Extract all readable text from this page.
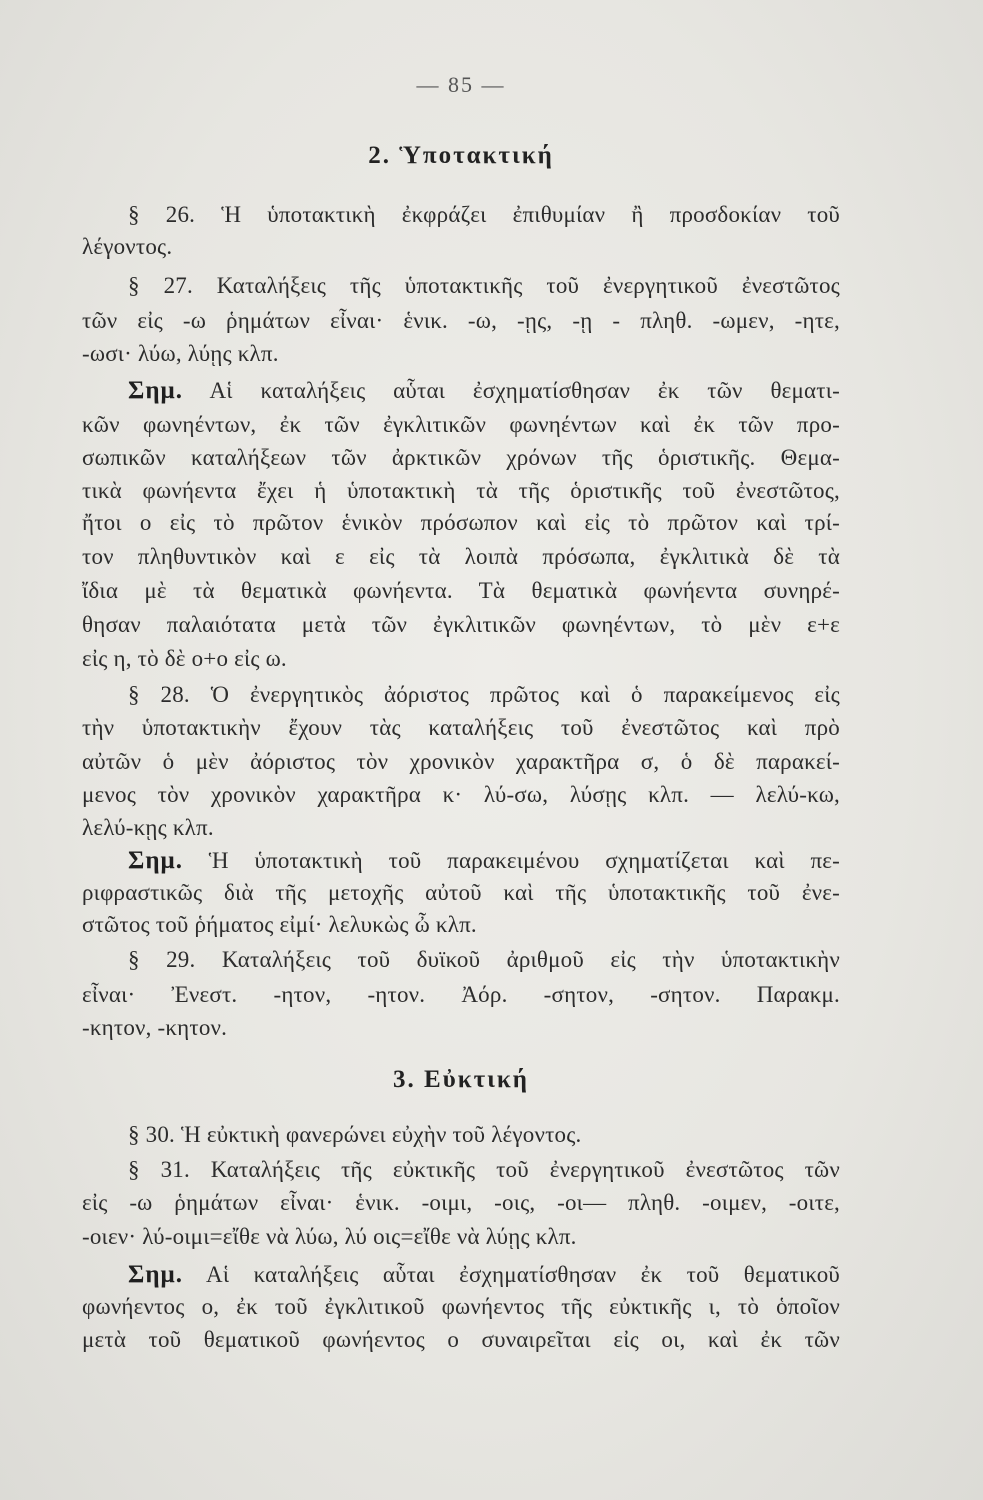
— 85 —
2. Ὑποτακτική
§ 26. Ἡ ὑποτακτικὴ ἐκφράζει ἐπιθυμίαν ἢ προσδοκίαν τοῦ
λέγοντος.
§ 27. Καταλήξεις τῆς ὑποτακτικῆς τοῦ ἐνεργητικοῦ ἐνεστῶτος
τῶν εἰς -ω ῥημάτων εἶναι· ἑνικ. -ω, -ῃς, -ῃ - πληθ. -ωμεν, -ητε,
-ωσι· λύω, λύῃς κλπ.
Σημ. Αἱ καταλήξεις αὗται ἐσχηματίσθησαν ἐκ τῶν θεματι-
κῶν φωνηέντων, ἐκ τῶν ἐγκλιτικῶν φωνηέντων καὶ ἐκ τῶν προ-
σωπικῶν καταλήξεων τῶν ἀρκτικῶν χρόνων τῆς ὁριστικῆς. Θεμα-
τικὰ φωνήεντα ἔχει ἡ ὑποτακτικὴ τὰ τῆς ὁριστικῆς τοῦ ἐνεστῶτος,
ἤτοι ο εἰς τὸ πρῶτον ἑνικὸν πρόσωπον καὶ εἰς τὸ πρῶτον καὶ τρί-
τον πληθυντικὸν καὶ ε εἰς τὰ λοιπὰ πρόσωπα, ἐγκλιτικὰ δὲ τὰ
ἴδια μὲ τὰ θεματικὰ φωνήεντα. Τὰ θεματικὰ φωνήεντα συνηρέ-
θησαν παλαιότατα μετὰ τῶν ἐγκλιτικῶν φωνηέντων, τὸ μὲν ε+ε
εἰς η, τὸ δὲ ο+ο εἰς ω.
§ 28. Ὁ ἐνεργητικὸς ἀόριστος πρῶτος καὶ ὁ παρακείμενος εἰς
τὴν ὑποτακτικὴν ἔχουν τὰς καταλήξεις τοῦ ἐνεστῶτος καὶ πρὸ
αὐτῶν ὁ μὲν ἀόριστος τὸν χρονικὸν χαρακτῆρα σ, ὁ δὲ παρακεί-
μενος τὸν χρονικὸν χαρακτῆρα κ· λύ-σω, λύσῃς κλπ. — λελύ-κω,
λελύ-κῃς κλπ.
Σημ. Ἡ ὑποτακτικὴ τοῦ παρακειμένου σχηματίζεται καὶ πε-
ριφραστικῶς διὰ τῆς μετοχῆς αὐτοῦ καὶ τῆς ὑποτακτικῆς τοῦ ἐνε-
στῶτος τοῦ ῥήματος εἰμί· λελυκὼς ὦ κλπ.
§ 29. Καταλήξεις τοῦ δυϊκοῦ ἀριθμοῦ εἰς τὴν ὑποτακτικὴν
εἶναι· Ἐνεστ. -ητον, -ητον. Ἀόρ. -σητον, -σητον. Παρακμ.
-κητον, -κητον.
3. Εὐκτική
§ 30. Ἡ εὐκτικὴ φανερώνει εὐχὴν τοῦ λέγοντος.
§ 31. Καταλήξεις τῆς εὐκτικῆς τοῦ ἐνεργητικοῦ ἐνεστῶτος τῶν
εἰς -ω ῥημάτων εἶναι· ἑνικ. -οιμι, -οις, -οι— πληθ. -οιμεν, -οιτε,
-οιεν· λύ-οιμι=εἴθε νὰ λύω, λύ οις=εἴθε νὰ λύῃς κλπ.
Σημ. Αἱ καταλήξεις αὗται ἐσχηματίσθησαν ἐκ τοῦ θεματικοῦ
φωνήεντος ο, ἐκ τοῦ ἐγκλιτικοῦ φωνήεντος τῆς εὐκτικῆς ι, τὸ ὁποῖον
μετὰ τοῦ θεματικοῦ φωνήεντος ο συναιρεῖται εἰς οι, καὶ ἐκ τῶν
